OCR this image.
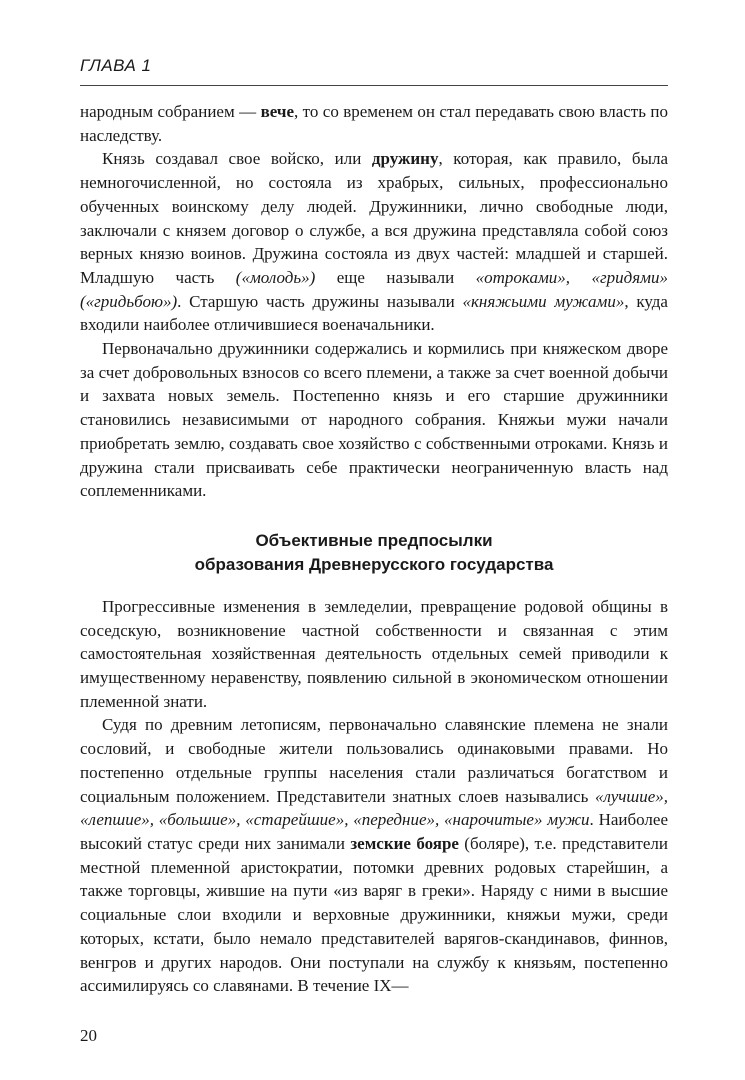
ГЛАВА 1

народным собранием — вече, то со временем он стал передавать свою власть по наследству.

Князь создавал свое войско, или дружину, которая, как правило, была немногочисленной, но состояла из храбрых, сильных, профессионально обученных воинскому делу людей. Дружинники, лично свободные люди, заключали с князем договор о службе, а вся дружина представляла собой союз верных князю воинов. Дружина состояла из двух частей: младшей и старшей. Младшую часть («молодь») еще называли «отроками», «гридями» («гридьбою»). Старшую часть дружины называли «княжьими мужами», куда входили наиболее отличившиеся военачальники.

Первоначально дружинники содержались и кормились при княжеском дворе за счет добровольных взносов со всего племени, а также за счет военной добычи и захвата новых земель. Постепенно князь и его старшие дружинники становились независимыми от народного собрания. Княжьи мужи начали приобретать землю, создавать свое хозяйство с собственными отроками. Князь и дружина стали присваивать себе практически неограниченную власть над соплеменниками.

Объективные предпосылки
образования Древнерусского государства

Прогрессивные изменения в земледелии, превращение родовой общины в соседскую, возникновение частной собственности и связанная с этим самостоятельная хозяйственная деятельность отдельных семей приводили к имущественному неравенству, появлению сильной в экономическом отношении племенной знати.

Судя по древним летописям, первоначально славянские племена не знали сословий, и свободные жители пользовались одинаковыми правами. Но постепенно отдельные группы населения стали различаться богатством и социальным положением. Представители знатных слоев назывались «лучшие», «лепшие», «большие», «старейшие», «передние», «нарочитые» мужи. Наиболее высокий статус среди них занимали земские бояре (боляре), т.е. представители местной племенной аристократии, потомки древних родовых старейшин, а также торговцы, жившие на пути «из варяг в греки». Наряду с ними в высшие социальные слои входили и верховные дружинники, княжьи мужи, среди которых, кстати, было немало представителей варягов-скандинавов, финнов, венгров и других народов. Они поступали на службу к князьям, постепенно ассимилируясь со славянами. В течение IX—

20
